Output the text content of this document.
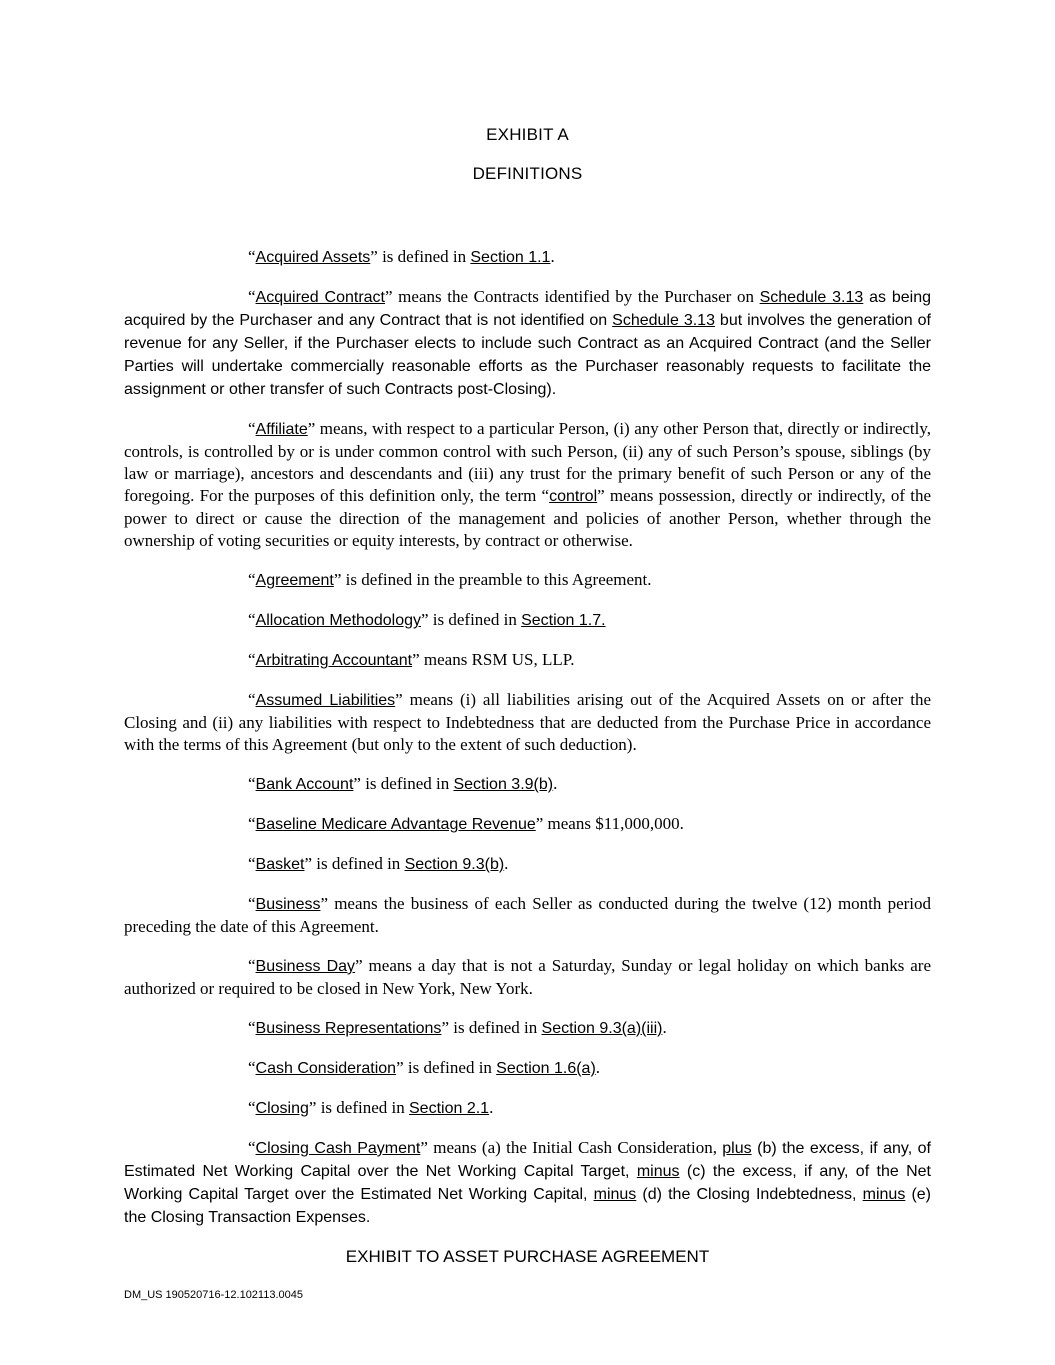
EXHIBIT A
DEFINITIONS

“Acquired Assets” is defined in Section 1.1.

“Acquired Contract” means the Contracts identified by the Purchaser on Schedule 3.13 as being acquired by the Purchaser and any Contract that is not identified on Schedule 3.13 but involves the generation of revenue for any Seller, if the Purchaser elects to include such Contract as an Acquired Contract (and the Seller Parties will undertake commercially reasonable efforts as the Purchaser reasonably requests to facilitate the assignment or other transfer of such Contracts post-Closing).

“Affiliate” means, with respect to a particular Person, (i) any other Person that, directly or indirectly, controls, is controlled by or is under common control with such Person, (ii) any of such Person’s spouse, siblings (by law or marriage), ancestors and descendants and (iii) any trust for the primary benefit of such Person or any of the foregoing. For the purposes of this definition only, the term “control” means possession, directly or indirectly, of the power to direct or cause the direction of the management and policies of another Person, whether through the ownership of voting securities or equity interests, by contract or otherwise.

“Agreement” is defined in the preamble to this Agreement.

“Allocation Methodology” is defined in Section 1.7.

“Arbitrating Accountant” means RSM US, LLP.

“Assumed Liabilities” means (i) all liabilities arising out of the Acquired Assets on or after the Closing and (ii) any liabilities with respect to Indebtedness that are deducted from the Purchase Price in accordance with the terms of this Agreement (but only to the extent of such deduction).

“Bank Account” is defined in Section 3.9(b).

“Baseline Medicare Advantage Revenue” means $11,000,000.

“Basket” is defined in Section 9.3(b).

“Business” means the business of each Seller as conducted during the twelve (12) month period preceding the date of this Agreement.

“Business Day” means a day that is not a Saturday, Sunday or legal holiday on which banks are authorized or required to be closed in New York, New York.

“Business Representations” is defined in Section 9.3(a)(iii).

“Cash Consideration” is defined in Section 1.6(a).

“Closing” is defined in Section 2.1.

“Closing Cash Payment” means (a) the Initial Cash Consideration, plus (b) the excess, if any, of Estimated Net Working Capital over the Net Working Capital Target, minus (c) the excess, if any, of the Net Working Capital Target over the Estimated Net Working Capital, minus (d) the Closing Indebtedness, minus (e) the Closing Transaction Expenses.

EXHIBIT TO ASSET PURCHASE AGREEMENT
DM_US 190520716-12.102113.0045
